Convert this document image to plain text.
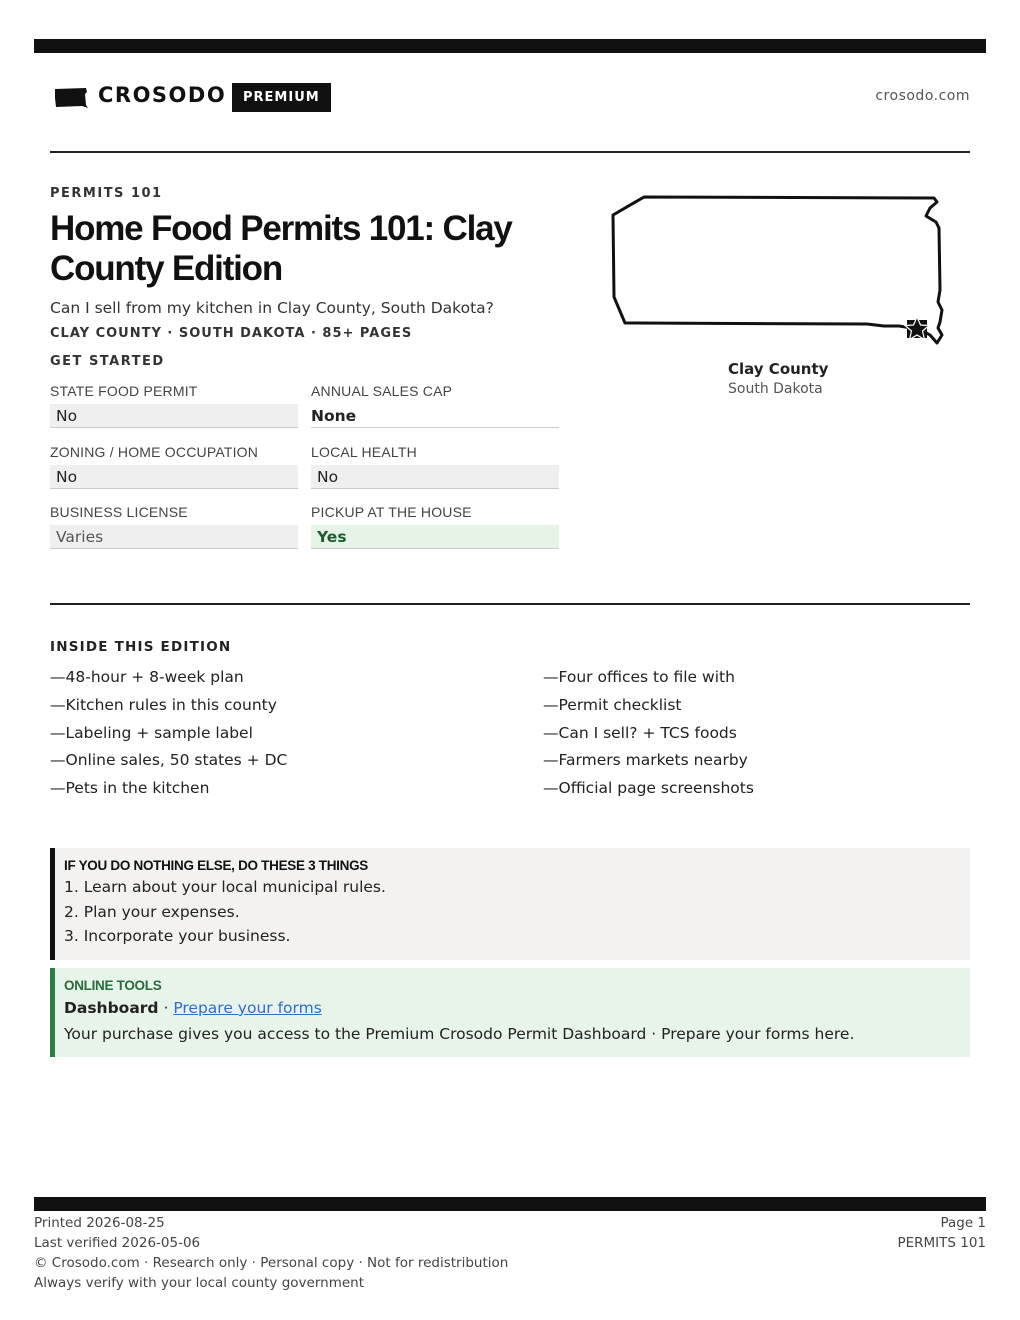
CROSODO	PREMIUM	crosodo.com
PERMITS 101
Home Food Permits 101: Clay County Edition
Can I sell from my kitchen in Clay County, South Dakota?
CLAY COUNTY · SOUTH DAKOTA · 85+ PAGES
GET STARTED
STATE FOOD PERMIT
No
ANNUAL SALES CAP
None
ZONING / HOME OCCUPATION
No
LOCAL HEALTH
No
BUSINESS LICENSE
Varies
PICKUP AT THE HOUSE
Yes
Clay County
South Dakota
INSIDE THIS EDITION
—48-hour + 8-week plan
—Kitchen rules in this county
—Labeling + sample label
—Online sales, 50 states + DC
—Pets in the kitchen
—Four offices to file with
—Permit checklist
—Can I sell? + TCS foods
—Farmers markets nearby
—Official page screenshots
IF YOU DO NOTHING ELSE, DO THESE 3 THINGS
1. Learn about your local municipal rules.
2. Plan your expenses.
3. Incorporate your business.
ONLINE TOOLS
Dashboard · Prepare your forms
Your purchase gives you access to the Premium Crosodo Permit Dashboard · Prepare your forms here.
Printed 2026-08-25
Last verified 2026-05-06
© Crosodo.com · Research only · Personal copy · Not for redistribution
Always verify with your local county government
Page 1
PERMITS 101
